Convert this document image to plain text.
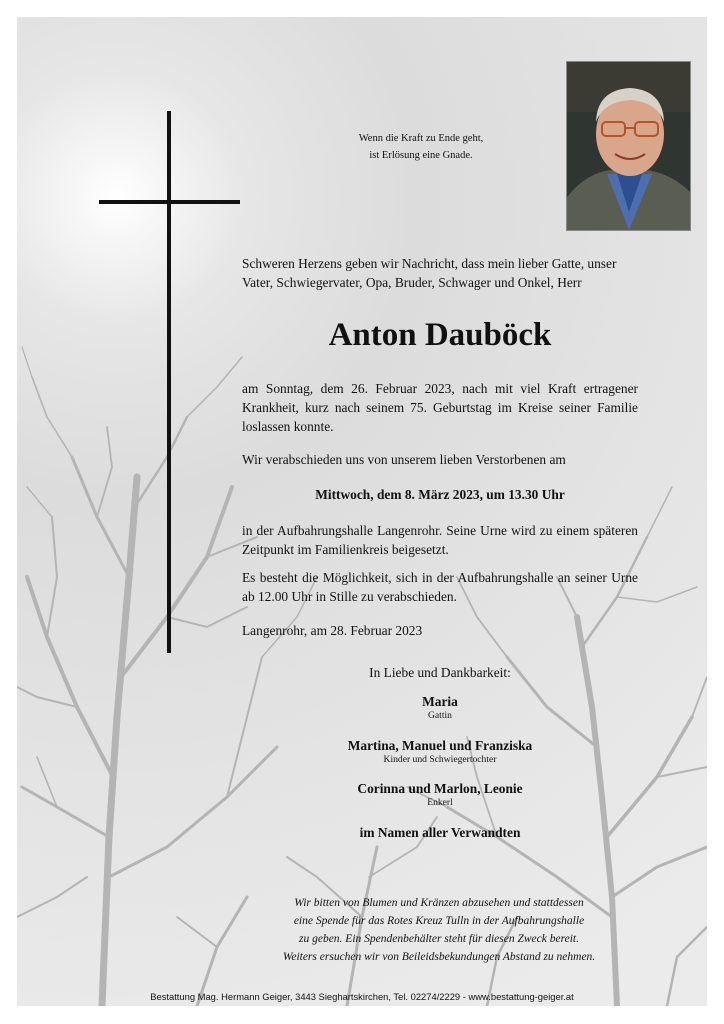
Wenn die Kraft zu Ende geht,
ist Erlösung eine Gnade.
Schweren Herzens geben wir Nachricht, dass mein lieber Gatte, unser Vater, Schwiegervater, Opa, Bruder, Schwager und Onkel, Herr
Anton Dauböck
am Sonntag, dem 26. Februar 2023, nach mit viel Kraft ertragener Krankheit, kurz nach seinem 75. Geburtstag im Kreise seiner Familie loslassen konnte.
Wir verabschieden uns von unserem lieben Verstorbenen am
Mittwoch, dem 8. März 2023, um 13.30 Uhr
in der Aufbahrungshalle Langenrohr. Seine Urne wird zu einem späteren Zeitpunkt im Familienkreis beigesetzt.
Es besteht die Möglichkeit, sich in der Aufbahrungshalle an seiner Urne ab 12.00 Uhr in Stille zu verabschieden.
Langenrohr, am 28. Februar 2023
In Liebe und Dankbarkeit:
Maria
Gattin
Martina, Manuel und Franziska
Kinder und Schwiegertochter
Corinna und Marlon, Leonie
Enkerl
im Namen aller Verwandten
Wir bitten von Blumen und Kränzen abzusehen und stattdessen
eine Spende für das Rotes Kreuz Tulln in der Aufbahrungshalle
zu geben. Ein Spendenbehälter steht für diesen Zweck bereit.
Weiters ersuchen wir von Beileidsbekundungen Abstand zu nehmen.
Bestattung Mag. Hermann Geiger, 3443 Sieghartskirchen, Tel. 02274/2229 - www.bestattung-geiger.at
